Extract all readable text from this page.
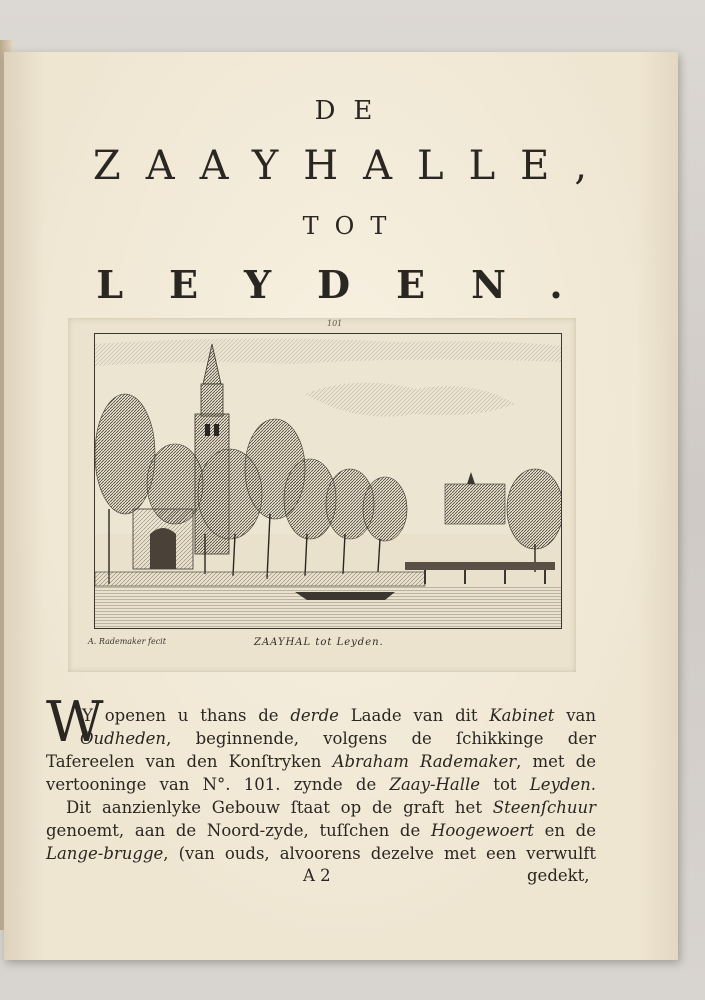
DE
ZAAYHALLE,
TOT
LEYDEN.
101
A. Rademaker fecit	ZAAYHAL tot Leyden.
W
Y openen u thans de derde Laade van dit Kabinet van
Oudheden, beginnende, volgens de ſchikkinge der
Tafereelen van den Konſtryken Abraham Rademaker, met de
vertooninge van N°. 101. zynde de Zaay-Halle tot Leyden.
Dit aanzienlyke Gebouw ſtaat op de graft het Steenſchuur
genoemt, aan de Noord-zyde, tuſſchen de Hoogewoert en de
Lange-brugge, (van ouds, alvoorens dezelve met een verwulft
A 2	gedekt,
